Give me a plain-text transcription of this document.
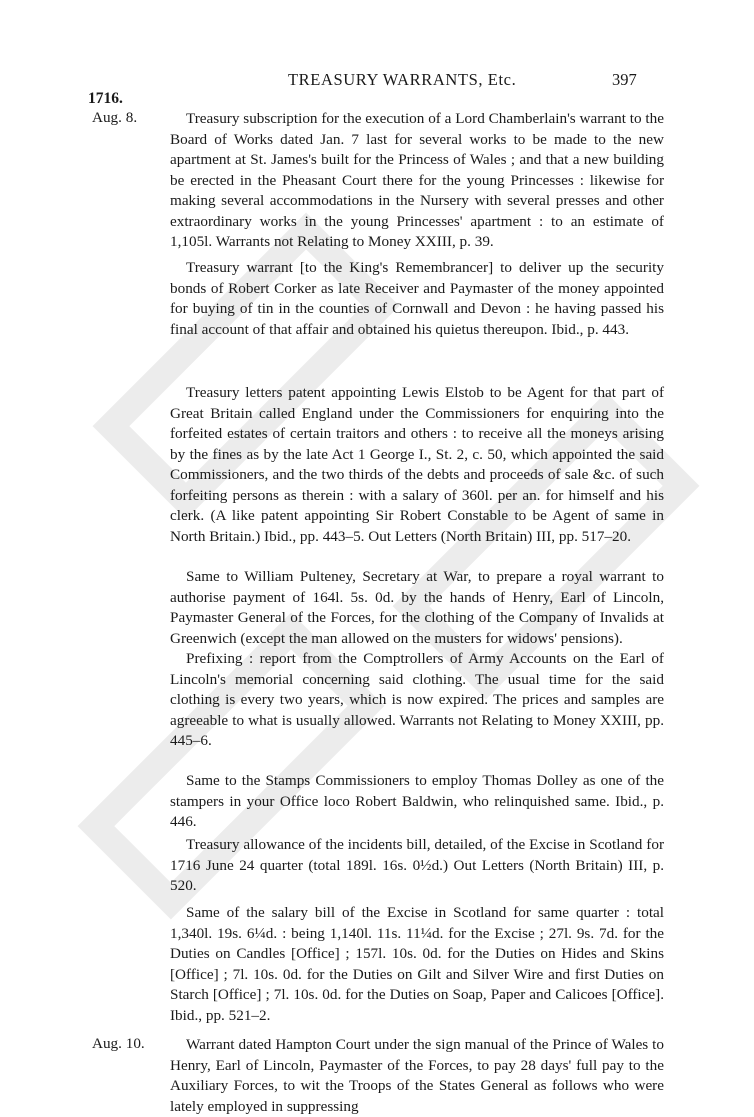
TREASURY WARRANTS, Etc.	397
1716.
Aug. 8.	Treasury subscription for the execution of a Lord Chamberlain's warrant to the Board of Works dated Jan. 7 last for several works to be made to the new apartment at St. James's built for the Princess of Wales ; and that a new building be erected in the Pheasant Court there for the young Princesses : likewise for making several accommodations in the Nursery with several presses and other extraordinary works in the young Princesses' apartment : to an estimate of 1,105l. Warrants not Relating to Money XXIII, p. 39.

Treasury warrant [to the King's Remembrancer] to deliver up the security bonds of Robert Corker as late Receiver and Paymaster of the money appointed for buying of tin in the counties of Cornwall and Devon : he having passed his final account of that affair and obtained his quietus thereupon. Ibid., p. 443.

Treasury letters patent appointing Lewis Elstob to be Agent for that part of Great Britain called England under the Commissioners for enquiring into the forfeited estates of certain traitors and others : to receive all the moneys arising by the fines as by the late Act 1 George I., St. 2, c. 50, which appointed the said Commissioners, and the two thirds of the debts and proceeds of sale &c. of such forfeiting persons as therein : with a salary of 360l. per an. for himself and his clerk. (A like patent appointing Sir Robert Constable to be Agent of same in North Britain.) Ibid., pp. 443–5. Out Letters (North Britain) III, pp. 517–20.

Same to William Pulteney, Secretary at War, to prepare a royal warrant to authorise payment of 164l. 5s. 0d. by the hands of Henry, Earl of Lincoln, Paymaster General of the Forces, for the clothing of the Company of Invalids at Greenwich (except the man allowed on the musters for widows' pensions).

Prefixing : report from the Comptrollers of Army Accounts on the Earl of Lincoln's memorial concerning said clothing. The usual time for the said clothing is every two years, which is now expired. The prices and samples are agreeable to what is usually allowed. Warrants not Relating to Money XXIII, pp. 445–6.

Same to the Stamps Commissioners to employ Thomas Dolley as one of the stampers in your Office loco Robert Baldwin, who relinquished same. Ibid., p. 446.

Treasury allowance of the incidents bill, detailed, of the Excise in Scotland for 1716 June 24 quarter (total 189l. 16s. 0½d.) Out Letters (North Britain) III, p. 520.

Same of the salary bill of the Excise in Scotland for same quarter : total 1,340l. 19s. 6¼d. : being 1,140l. 11s. 11¼d. for the Excise ; 27l. 9s. 7d. for the Duties on Candles [Office] ; 157l. 10s. 0d. for the Duties on Hides and Skins [Office] ; 7l. 10s. 0d. for the Duties on Gilt and Silver Wire and first Duties on Starch [Office] ; 7l. 10s. 0d. for the Duties on Soap, Paper and Calicoes [Office]. Ibid., pp. 521–2.

Aug. 10.	Warrant dated Hampton Court under the sign manual of the Prince of Wales to Henry, Earl of Lincoln, Paymaster of the Forces, to pay 28 days' full pay to the Auxiliary Forces, to wit the Troops of the States General as follows who were lately employed in suppressing
